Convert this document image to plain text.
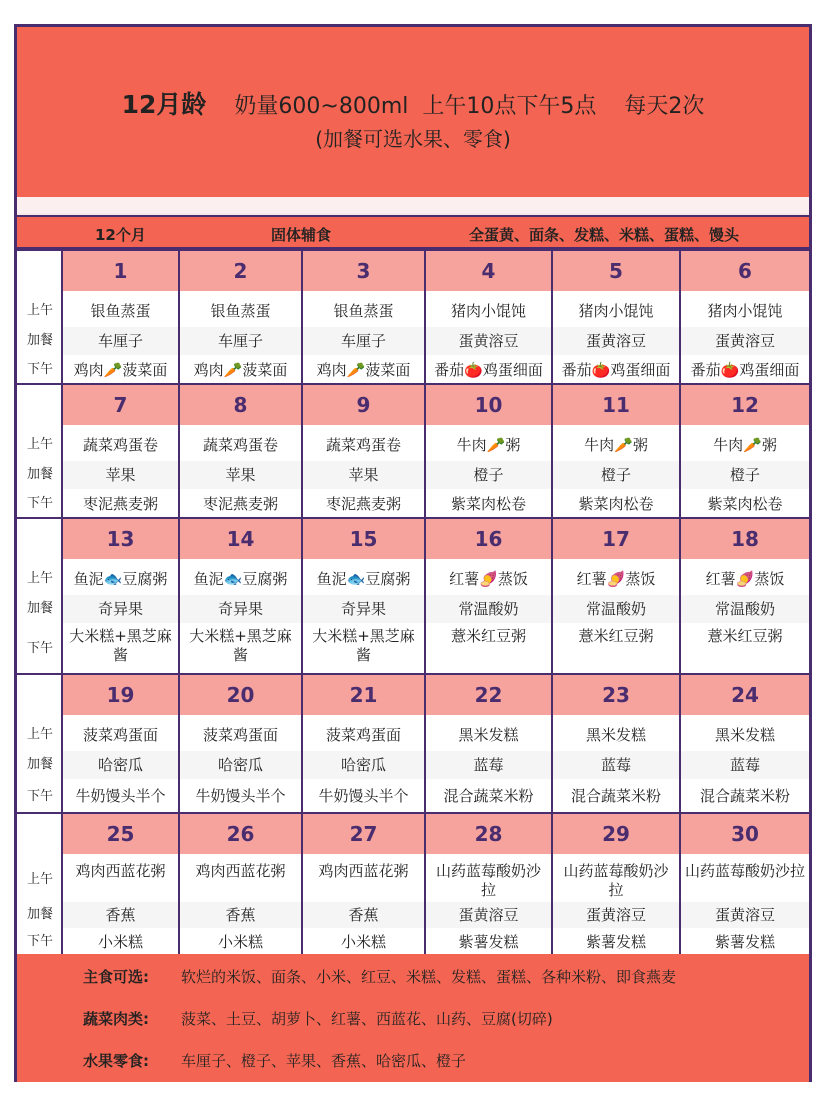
12月龄 奶量600~800ml 上午10点下午5点 每天2次
(加餐可选水果、零食)
12个月	固体辅食	全蛋黄、面条、发糕、米糕、蛋糕、馒头
上午
加餐
下午
1
银鱼蒸蛋
车厘子
鸡肉🥕菠菜面
2
银鱼蒸蛋
车厘子
鸡肉🥕菠菜面
3
银鱼蒸蛋
车厘子
鸡肉🥕菠菜面
4
猪肉小馄饨
蛋黄溶豆
番茄🍅鸡蛋细面
5
猪肉小馄饨
蛋黄溶豆
番茄🍅鸡蛋细面
6
猪肉小馄饨
蛋黄溶豆
番茄🍅鸡蛋细面
上午
加餐
下午
7
蔬菜鸡蛋卷
苹果
枣泥燕麦粥
8
蔬菜鸡蛋卷
苹果
枣泥燕麦粥
9
蔬菜鸡蛋卷
苹果
枣泥燕麦粥
10
牛肉🥕粥
橙子
紫菜肉松卷
11
牛肉🥕粥
橙子
紫菜肉松卷
12
牛肉🥕粥
橙子
紫菜肉松卷
上午
加餐
下午
13
鱼泥🐟豆腐粥
奇异果
大米糕+黑芝麻酱
14
鱼泥🐟豆腐粥
奇异果
大米糕+黑芝麻酱
15
鱼泥🐟豆腐粥
奇异果
大米糕+黑芝麻酱
16
红薯🍠蒸饭
常温酸奶
薏米红豆粥
17
红薯🍠蒸饭
常温酸奶
薏米红豆粥
18
红薯🍠蒸饭
常温酸奶
薏米红豆粥
上午
加餐
下午
19
菠菜鸡蛋面
哈密瓜
牛奶馒头半个
20
菠菜鸡蛋面
哈密瓜
牛奶馒头半个
21
菠菜鸡蛋面
哈密瓜
牛奶馒头半个
22
黑米发糕
蓝莓
混合蔬菜米粉
23
黑米发糕
蓝莓
混合蔬菜米粉
24
黑米发糕
蓝莓
混合蔬菜米粉
上午
加餐
下午
25
鸡肉西蓝花粥
香蕉
小米糕
26
鸡肉西蓝花粥
香蕉
小米糕
27
鸡肉西蓝花粥
香蕉
小米糕
28
山药蓝莓酸奶沙拉
蛋黄溶豆
紫薯发糕
29
山药蓝莓酸奶沙拉
蛋黄溶豆
紫薯发糕
30
山药蓝莓酸奶沙拉
蛋黄溶豆
紫薯发糕
主食可选: 软烂的米饭、面条、小米、红豆、米糕、发糕、蛋糕、各种米粉、即食燕麦
蔬菜肉类: 菠菜、土豆、胡萝卜、红薯、西蓝花、山药、豆腐(切碎)
水果零食: 车厘子、橙子、苹果、香蕉、哈密瓜、橙子
